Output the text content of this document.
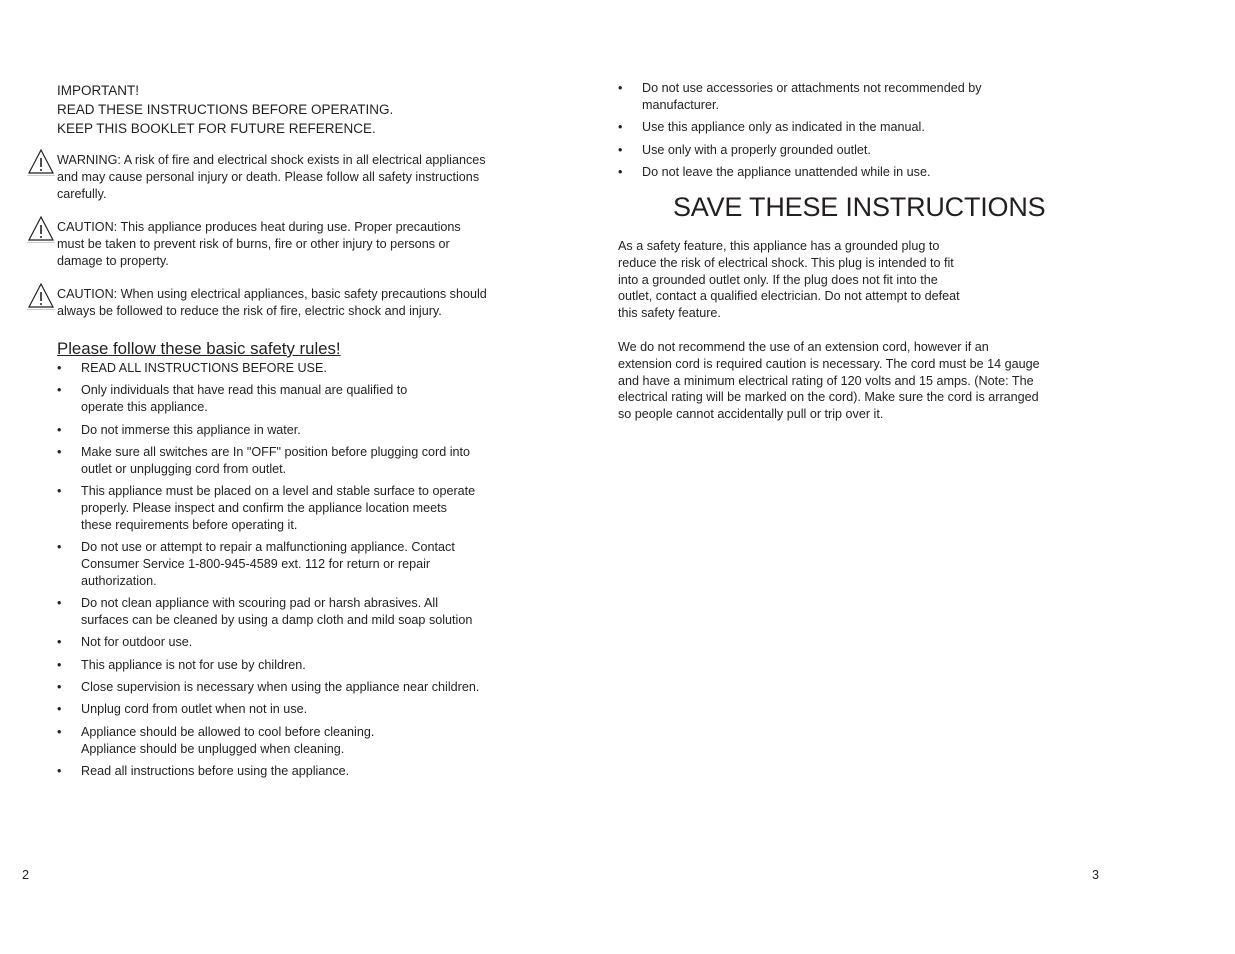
IMPORTANT!
READ THESE INSTRUCTIONS BEFORE OPERATING.
KEEP THIS BOOKLET FOR FUTURE REFERENCE.
WARNING: A risk of fire and electrical shock exists in all electrical appliances
and may cause personal injury or death. Please follow all safety instructions
carefully.
CAUTION: This appliance produces heat during use. Proper precautions
must be taken to prevent risk of burns, fire or other injury to persons or
damage to property.
CAUTION: When using electrical appliances, basic safety precautions should
always be followed to reduce the risk of fire, electric shock and injury.
Please follow these basic safety rules!
• READ ALL INSTRUCTIONS BEFORE USE.
• Only individuals that have read this manual are qualified to
operate this appliance.
• Do not immerse this appliance in water.
• Make sure all switches are In "OFF" position before plugging cord into
outlet or unplugging cord from outlet.
• This appliance must be placed on a level and stable surface to operate
properly. Please inspect and confirm the appliance location meets
these requirements before operating it.
• Do not use or attempt to repair a malfunctioning appliance. Contact
Consumer Service 1-800-945-4589 ext. 112 for return or repair
authorization.
• Do not clean appliance with scouring pad or harsh abrasives. All
surfaces can be cleaned by using a damp cloth and mild soap solution
• Not for outdoor use.
• This appliance is not for use by children.
• Close supervision is necessary when using the appliance near children.
• Unplug cord from outlet when not in use.
• Appliance should be allowed to cool before cleaning.
Appliance should be unplugged when cleaning.
• Read all instructions before using the appliance.
2
• Do not use accessories or attachments not recommended by
manufacturer.
• Use this appliance only as indicated in the manual.
• Use only with a properly grounded outlet.
• Do not leave the appliance unattended while in use.
SAVE THESE INSTRUCTIONS
As a safety feature, this appliance has a grounded plug to
reduce the risk of electrical shock. This plug is intended to fit
into a grounded outlet only. If the plug does not fit into the
outlet, contact a qualified electrician. Do not attempt to defeat
this safety feature.
We do not recommend the use of an extension cord, however if an
extension cord is required caution is necessary. The cord must be 14 gauge
and have a minimum electrical rating of 120 volts and 15 amps. (Note: The
electrical rating will be marked on the cord). Make sure the cord is arranged
so people cannot accidentally pull or trip over it.
3
